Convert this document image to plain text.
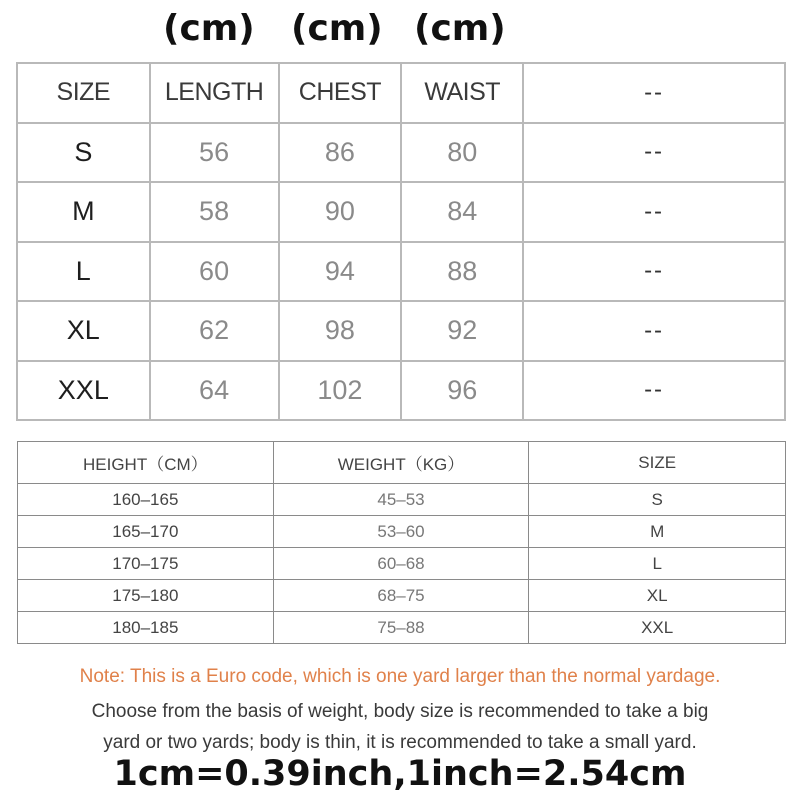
(cm) (cm) (cm)
SIZE	LENGTH	CHEST	WAIST	--
S	56	86	80	--
M	58	90	84	--
L	60	94	88	--
XL	62	98	92	--
XXL	64	102	96	--
HEIGHT（CM）	WEIGHT（KG）	SIZE
160–165	45–53	S
165–170	53–60	M
170–175	60–68	L
175–180	68–75	XL
180–185	75–88	XXL
Note: This is a Euro code, which is one yard larger than the normal yardage.
Choose from the basis of weight, body size is recommended to take a big
yard or two yards; body is thin, it is recommended to take a small yard.
1cm=0.39inch,1inch=2.54cm
